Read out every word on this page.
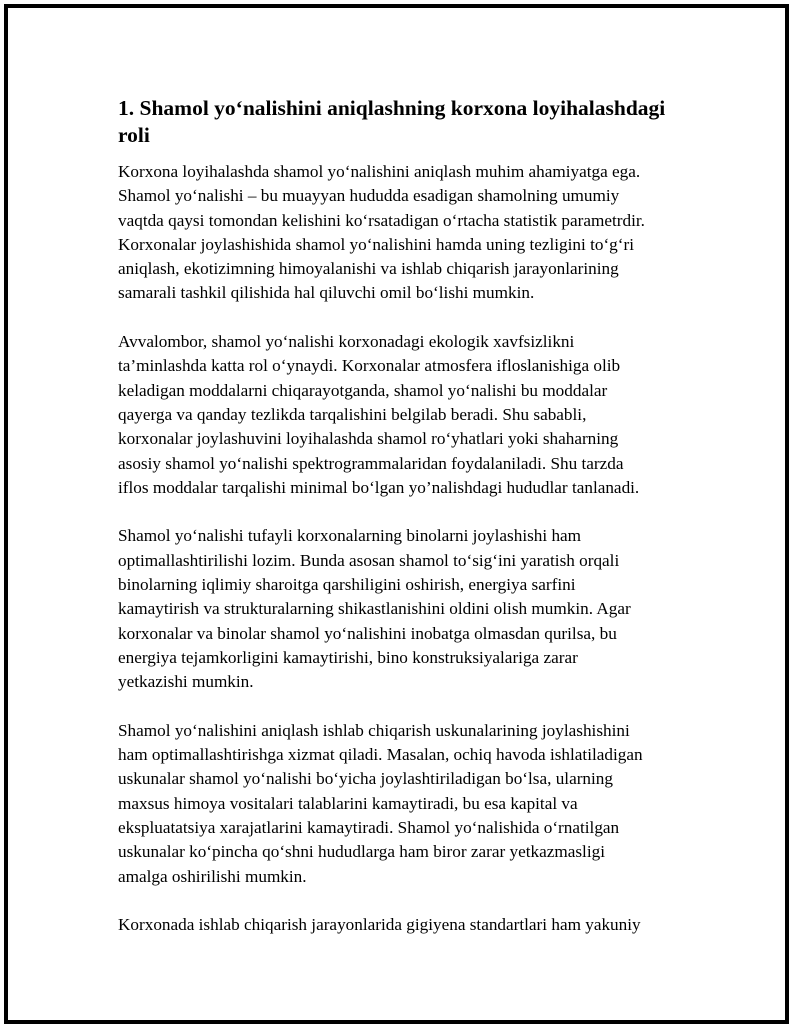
1. Shamol yo‘nalishini aniqlashning korxona loyihalashdagi
roli

Korxona loyihalashda shamol yo‘nalishini aniqlash muhim ahamiyatga ega.
Shamol yo‘nalishi – bu muayyan hududda esadigan shamolning umumiy
vaqtda qaysi tomondan kelishini ko‘rsatadigan o‘rtacha statistik parametrdir.
Korxonalar joylashishida shamol yo‘nalishini hamda uning tezligini to‘g‘ri
aniqlash, ekotizimning himoyalanishi va ishlab chiqarish jarayonlarining
samarali tashkil qilishida hal qiluvchi omil bo‘lishi mumkin.

Avvalombor, shamol yo‘nalishi korxonadagi ekologik xavfsizlikni
ta’minlashda katta rol o‘ynaydi. Korxonalar atmosfera ifloslanishiga olib
keladigan moddalarni chiqarayotganda, shamol yo‘nalishi bu moddalar
qayerga va qanday tezlikda tarqalishini belgilab beradi. Shu sababli,
korxonalar joylashuvini loyihalashda shamol ro‘yhatlari yoki shaharning
asosiy shamol yo‘nalishi spektrogrammalaridan foydalaniladi. Shu tarzda
iflos moddalar tarqalishi minimal bo‘lgan yo’nalishdagi hududlar tanlanadi.

Shamol yo‘nalishi tufayli korxonalarning binolarni joylashishi ham
optimallashtirilishi lozim. Bunda asosan shamol to‘sig‘ini yaratish orqali
binolarning iqlimiy sharoitga qarshiligini oshirish, energiya sarfini
kamaytirish va strukturalarning shikastlanishini oldini olish mumkin. Agar
korxonalar va binolar shamol yo‘nalishini inobatga olmasdan qurilsa, bu
energiya tejamkorligini kamaytirishi, bino konstruksiyalariga zarar
yetkazishi mumkin.

Shamol yo‘nalishini aniqlash ishlab chiqarish uskunalarining joylashishini
ham optimallashtirishga xizmat qiladi. Masalan, ochiq havoda ishlatiladigan
uskunalar shamol yo‘nalishi bo‘yicha joylashtiriladigan bo‘lsa, ularning
maxsus himoya vositalari talablarini kamaytiradi, bu esa kapital va
ekspluatatsiya xarajatlarini kamaytiradi. Shamol yo‘nalishida o‘rnatilgan
uskunalar ko‘pincha qo‘shni hududlarga ham biror zarar yetkazmasligi
amalga oshirilishi mumkin.

Korxonada ishlab chiqarish jarayonlarida gigiyena standartlari ham yakuniy
